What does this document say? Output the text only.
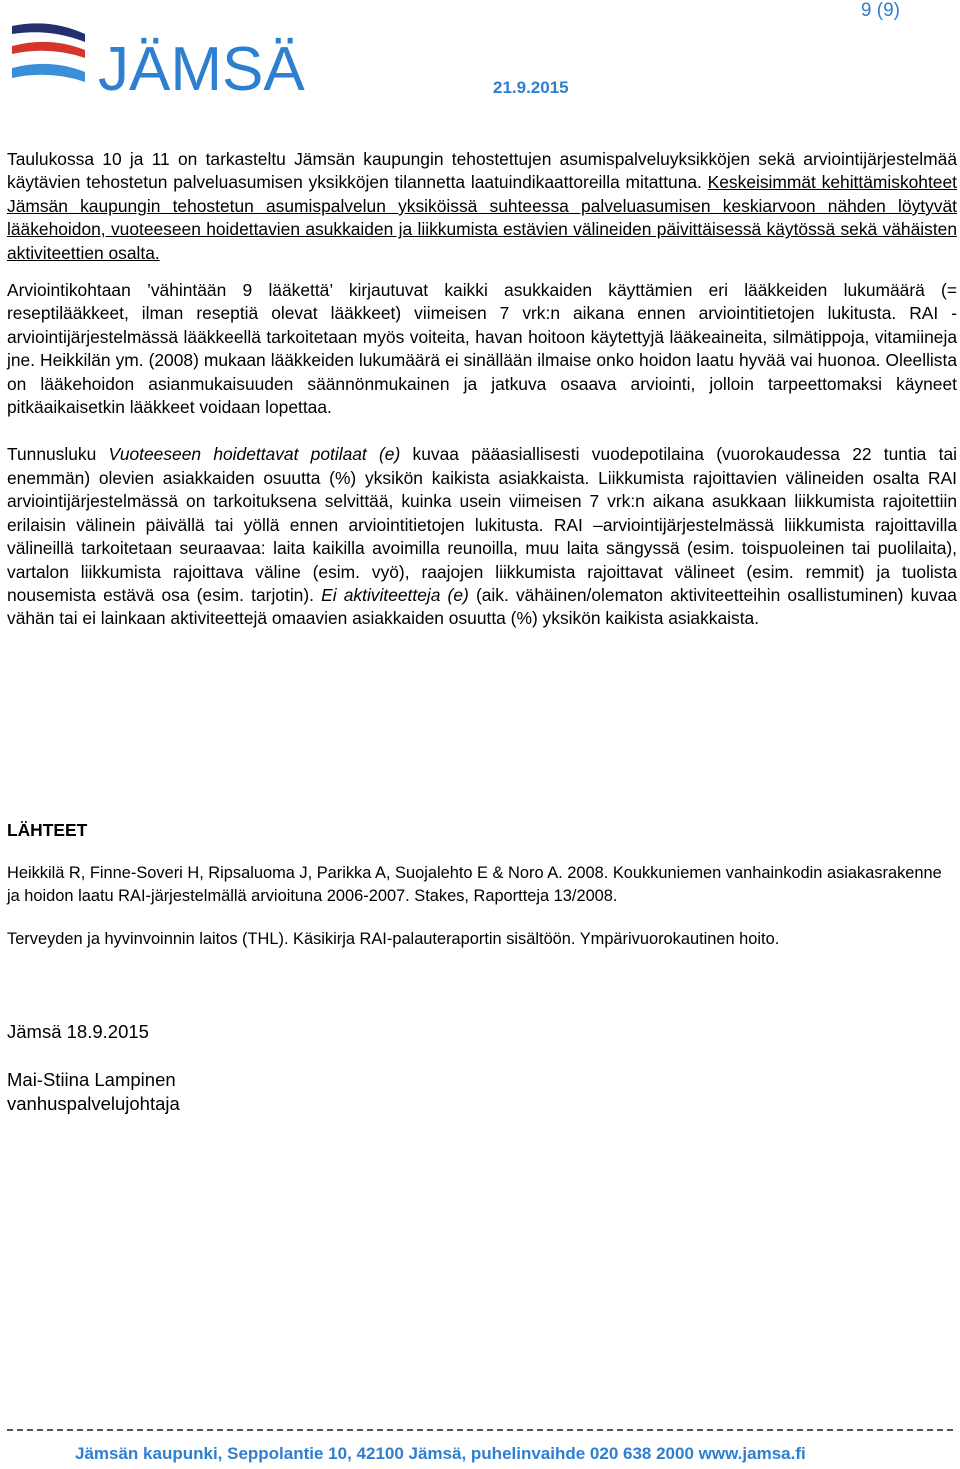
9 (9)
JÄMSÄ	21.9.2015

Taulukossa 10 ja 11 on tarkasteltu Jämsän kaupungin tehostettujen asumispalveluyksikköjen sekä arviointijärjestelmää käytävien tehostetun palveluasumisen yksikköjen tilannetta laatuindikaattoreilla mitattuna. Keskeisimmät kehittämiskohteet Jämsän kaupungin tehostetun asumispalvelun yksiköissä suhteessa palveluasumisen keskiarvoon nähden löytyvät lääkehoidon, vuoteeseen hoidettavien asukkaiden ja liikkumista estävien välineiden päivittäisessä käytössä sekä vähäisten aktiviteettien osalta.

Arviointikohtaan ’vähintään 9 lääkettä’ kirjautuvat kaikki asukkaiden käyttämien eri lääkkeiden lukumäärä (= reseptilääkkeet, ilman reseptiä olevat lääkkeet) viimeisen 7 vrk:n aikana ennen arviointitietojen lukitusta. RAI -arviointijärjestelmässä lääkkeellä tarkoitetaan myös voiteita, havan hoitoon käytettyjä lääkeaineita, silmätippoja, vitamiineja jne. Heikkilän ym. (2008) mukaan lääkkeiden lukumäärä ei sinällään ilmaise onko hoidon laatu hyvää vai huonoa. Oleellista on lääkehoidon asianmukaisuuden säännönmukainen ja jatkuva osaava arviointi, jolloin tarpeettomaksi käyneet pitkäaikaisetkin lääkkeet voidaan lopettaa.

Tunnusluku Vuoteeseen hoidettavat potilaat (e) kuvaa pääasiallisesti vuodepotilaina (vuorokaudessa 22 tuntia tai enemmän) olevien asiakkaiden osuutta (%) yksikön kaikista asiakkaista. Liikkumista rajoittavien välineiden osalta RAI arviointijärjestelmässä on tarkoituksena selvittää, kuinka usein viimeisen 7 vrk:n aikana asukkaan liikkumista rajoitettiin erilaisin välinein päivällä tai yöllä ennen arviointitietojen lukitusta. RAI –arviointijärjestelmässä liikkumista rajoittavilla välineillä tarkoitetaan seuraavaa: laita kaikilla avoimilla reunoilla, muu laita sängyssä (esim. toispuoleinen tai puolilaita), vartalon liikkumista rajoittava väline (esim. vyö), raajojen liikkumista rajoittavat välineet (esim. remmit) ja tuolista nousemista estävä osa (esim. tarjotin). Ei aktiviteetteja (e) (aik. vähäinen/olematon aktiviteetteihin osallistuminen) kuvaa vähän tai ei lainkaan aktiviteettejä omaavien asiakkaiden osuutta (%) yksikön kaikista asiakkaista.

LÄHTEET
Heikkilä R, Finne-Soveri H, Ripsaluoma J, Parikka A, Suojalehto E & Noro A. 2008. Koukkuniemen vanhainkodin asiakasrakenne ja hoidon laatu RAI-järjestelmällä arvioituna 2006-2007. Stakes, Raportteja 13/2008.
Terveyden ja hyvinvoinnin laitos (THL). Käsikirja RAI-palauteraportin sisältöön. Ympärivuorokautinen hoito.
Jämsä 18.9.2015
Mai-Stiina Lampinen
vanhuspalvelujohtaja
Jämsän kaupunki, Seppolantie 10, 42100 Jämsä, puhelinvaihde 020 638 2000 www.jamsa.fi
